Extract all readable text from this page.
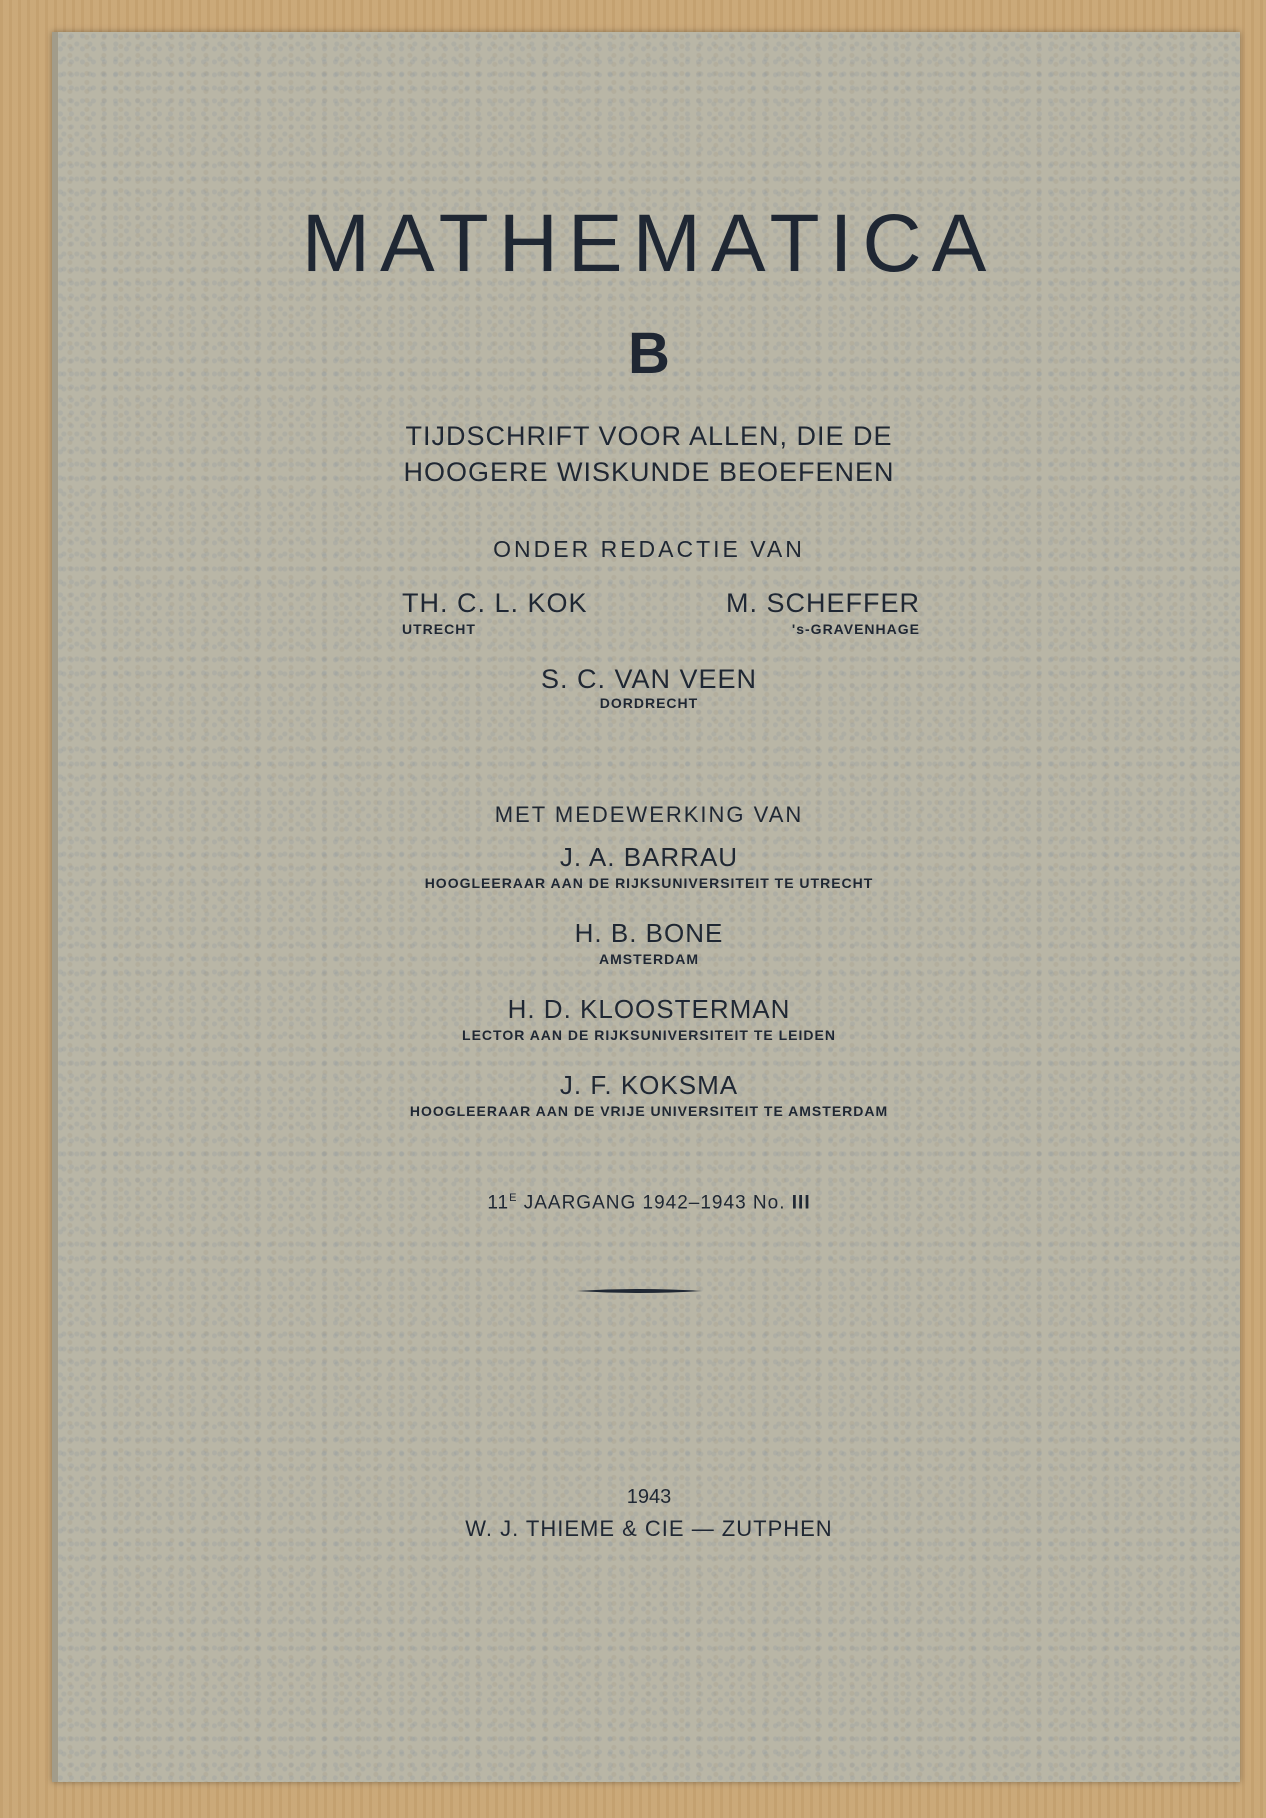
MATHEMATICA
B
TIJDSCHRIFT VOOR ALLEN, DIE DE
HOOGERE WISKUNDE BEOEFENEN
ONDER REDACTIE VAN
TH. C. L. KOK
UTRECHT
M. SCHEFFER
's-GRAVENHAGE
S. C. VAN VEEN
DORDRECHT
MET MEDEWERKING VAN
J. A. BARRAU
HOOGLEERAAR AAN DE RIJKSUNIVERSITEIT TE UTRECHT
H. B. BONE
AMSTERDAM
H. D. KLOOSTERMAN
LECTOR AAN DE RIJKSUNIVERSITEIT TE LEIDEN
J. F. KOKSMA
HOOGLEERAAR AAN DE VRIJE UNIVERSITEIT TE AMSTERDAM
$11^E$ JAARGANG 1942–1943 No. III
1943
W. J. THIEME & CIE — ZUTPHEN
